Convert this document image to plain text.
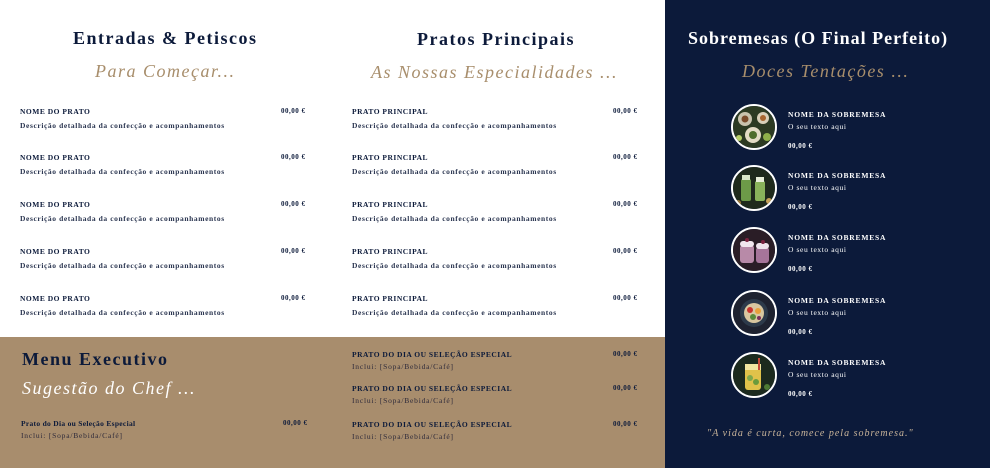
Entradas & Petiscos
Para Começar...
NOME DO PRATO
Descrição detalhada da confecção e acompanhamentos
00,00 €
NOME DO PRATO
Descrição detalhada da confecção e acompanhamentos
00,00 €
NOME DO PRATO
Descrição detalhada da confecção e acompanhamentos
00,00 €
NOME DO PRATO
Descrição detalhada da confecção e acompanhamentos
00,00 €
NOME DO PRATO
Descrição detalhada da confecção e acompanhamentos
00,00 €
Pratos Principais
As Nossas Especialidades ...
PRATO PRINCIPAL
Descrição detalhada da confecção e acompanhamentos
00,00 €
PRATO PRINCIPAL
Descrição detalhada da confecção e acompanhamentos
00,00 €
PRATO PRINCIPAL
Descrição detalhada da confecção e acompanhamentos
00,00 €
PRATO PRINCIPAL
Descrição detalhada da confecção e acompanhamentos
00,00 €
PRATO PRINCIPAL
Descrição detalhada da confecção e acompanhamentos
00,00 €
Menu Executivo
Sugestão do Chef ...
Prato do Dia ou Seleção Especial
Inclui: [Sopa/Bebida/Café]
00,00 €
PRATO DO DIA OU SELEÇÃO ESPECIAL
Inclui: [Sopa/Bebida/Café]
00,00 €
PRATO DO DIA OU SELEÇÃO ESPECIAL
Inclui: [Sopa/Bebida/Café]
00,00 €
PRATO DO DIA OU SELEÇÃO ESPECIAL
Inclui: [Sopa/Bebida/Café]
00,00 €
Sobremesas (O Final Perfeito)
Doces Tentações ...
NOME DA SOBREMESA
O seu texto aqui
00,00 €
NOME DA SOBREMESA
O seu texto aqui
00,00 €
NOME DA SOBREMESA
O seu texto aqui
00,00 €
NOME DA SOBREMESA
O seu texto aqui
00,00 €
NOME DA SOBREMESA
O seu texto aqui
00,00 €
"A vida é curta, comece pela sobremesa."
